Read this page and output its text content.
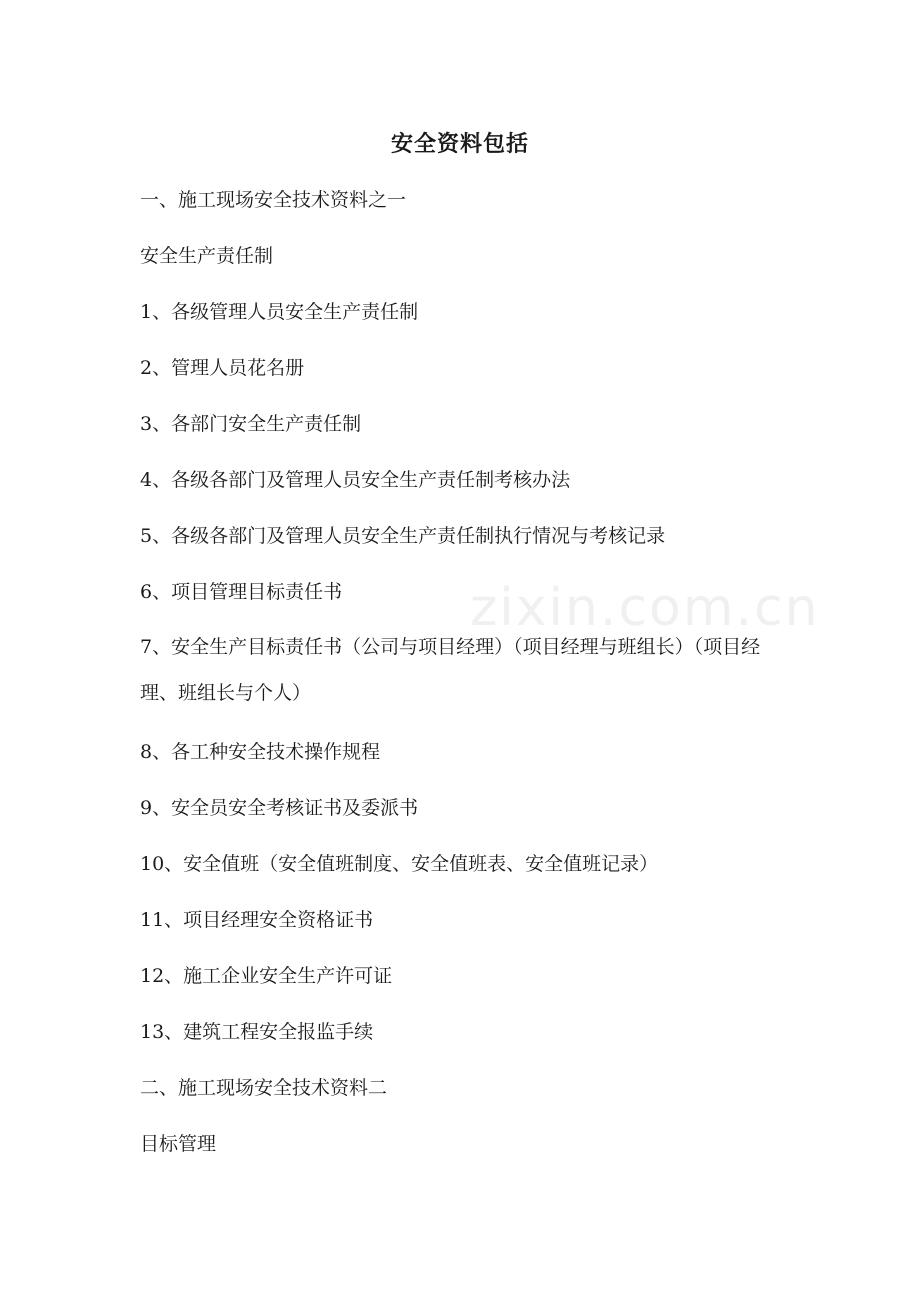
zixin.com.cn
安全资料包括
一、施工现场安全技术资料之一
安全生产责任制
1、各级管理人员安全生产责任制
2、管理人员花名册
3、各部门安全生产责任制
4、各级各部门及管理人员安全生产责任制考核办法
5、各级各部门及管理人员安全生产责任制执行情况与考核记录
6、项目管理目标责任书
7、安全生产目标责任书（公司与项目经理）（项目经理与班组长）（项目经理、班组长与个人）
8、各工种安全技术操作规程
9、安全员安全考核证书及委派书
10、安全值班（安全值班制度、安全值班表、安全值班记录）
11、项目经理安全资格证书
12、施工企业安全生产许可证
13、建筑工程安全报监手续
二、施工现场安全技术资料二
目标管理
